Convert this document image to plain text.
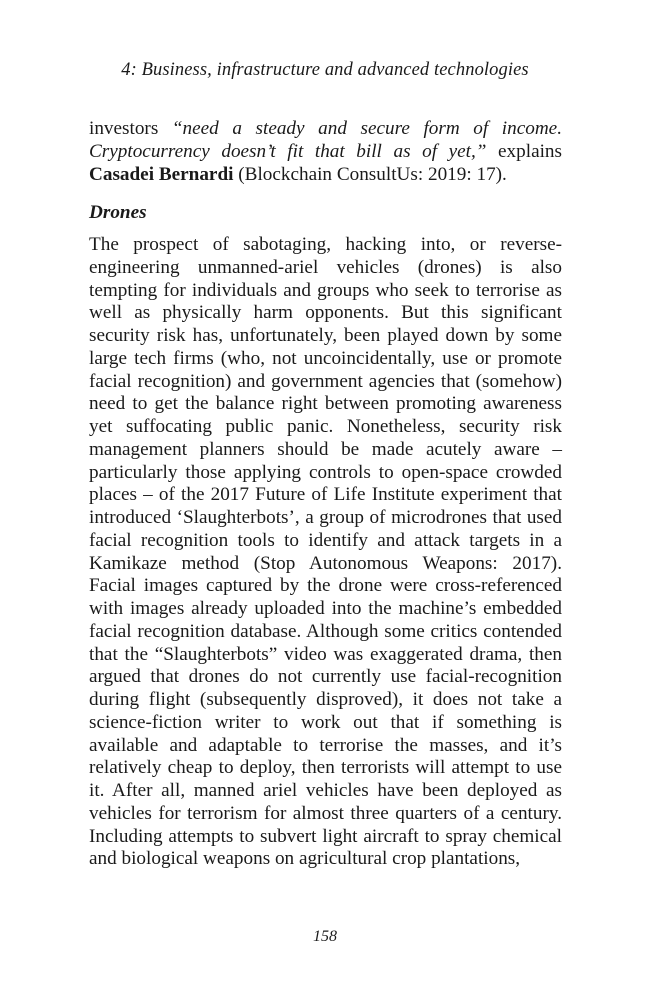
4: Business, infrastructure and advanced technologies

investors “need a steady and secure form of income. Cryptocurrency doesn’t fit that bill as of yet,” explains Casadei Bernardi (Blockchain ConsultUs: 2019: 17).

Drones

The prospect of sabotaging, hacking into, or reverse-engineering unmanned-ariel vehicles (drones) is also tempting for individuals and groups who seek to terrorise as well as physically harm opponents. But this significant security risk has, unfortunately, been played down by some large tech firms (who, not uncoincidentally, use or promote facial recognition) and government agencies that (somehow) need to get the balance right between promoting awareness yet suffocating public panic. Nonetheless, security risk management planners should be made acutely aware – particularly those applying controls to open-space crowded places – of the 2017 Future of Life Institute experiment that introduced ‘Slaughterbots’, a group of microdrones that used facial recognition tools to identify and attack targets in a Kamikaze method (Stop Autonomous Weapons: 2017). Facial images captured by the drone were cross-referenced with images already uploaded into the machine’s embedded facial recognition database. Although some critics contended that the “Slaughterbots” video was exaggerated drama, then argued that drones do not currently use facial-recognition during flight (subsequently disproved), it does not take a science-fiction writer to work out that if something is available and adaptable to terrorise the masses, and it’s relatively cheap to deploy, then terrorists will attempt to use it. After all, manned ariel vehicles have been deployed as vehicles for terrorism for almost three quarters of a century. Including attempts to subvert light aircraft to spray chemical and biological weapons on agricultural crop plantations,

158
